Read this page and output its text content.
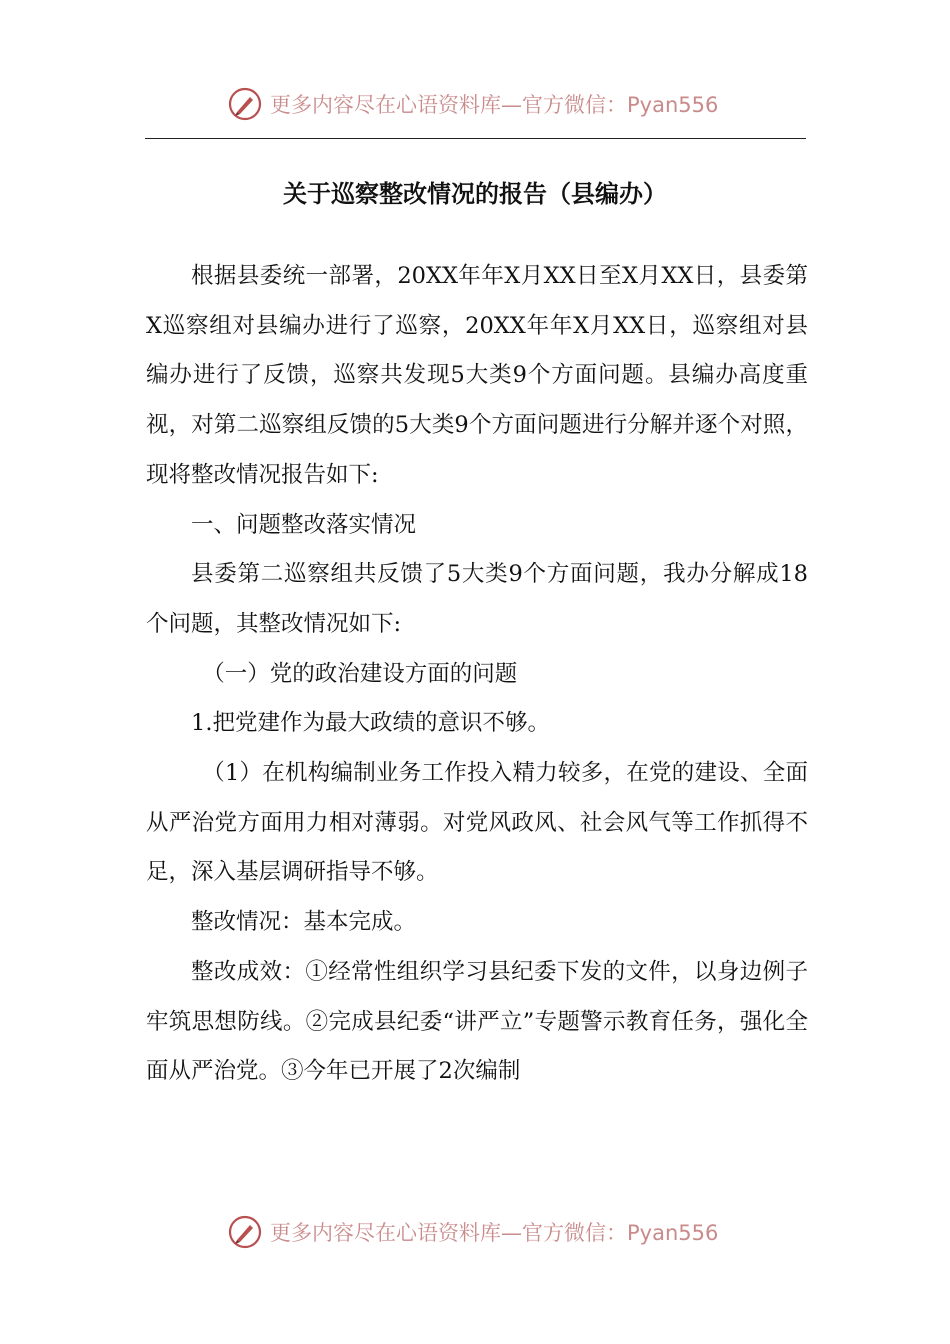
更多内容尽在心语资料库—官方微信：Pyan556
关于巡察整改情况的报告（县编办）

根据县委统一部署，20XX年年X月XX日至X月XX日，县委第X巡察组对县编办进行了巡察，20XX年年X月XX日，巡察组对县编办进行了反馈，巡察共发现5大类9个方面问题。县编办高度重视，对第二巡察组反馈的5大类9个方面问题进行分解并逐个对照，现将整改情况报告如下:

一、问题整改落实情况

县委第二巡察组共反馈了5大类9个方面问题，我办分解成18个问题，其整改情况如下:

（一）党的政治建设方面的问题

1.把党建作为最大政绩的意识不够。

（1）在机构编制业务工作投入精力较多，在党的建设、全面从严治党方面用力相对薄弱。对党风政风、社会风气等工作抓得不足，深入基层调研指导不够。

整改情况：基本完成。

整改成效：①经常性组织学习县纪委下发的文件，以身边例子牢筑思想防线。②完成县纪委“讲严立”专题警示教育任务，强化全面从严治党。③今年已开展了2次编制

更多内容尽在心语资料库—官方微信：Pyan556
